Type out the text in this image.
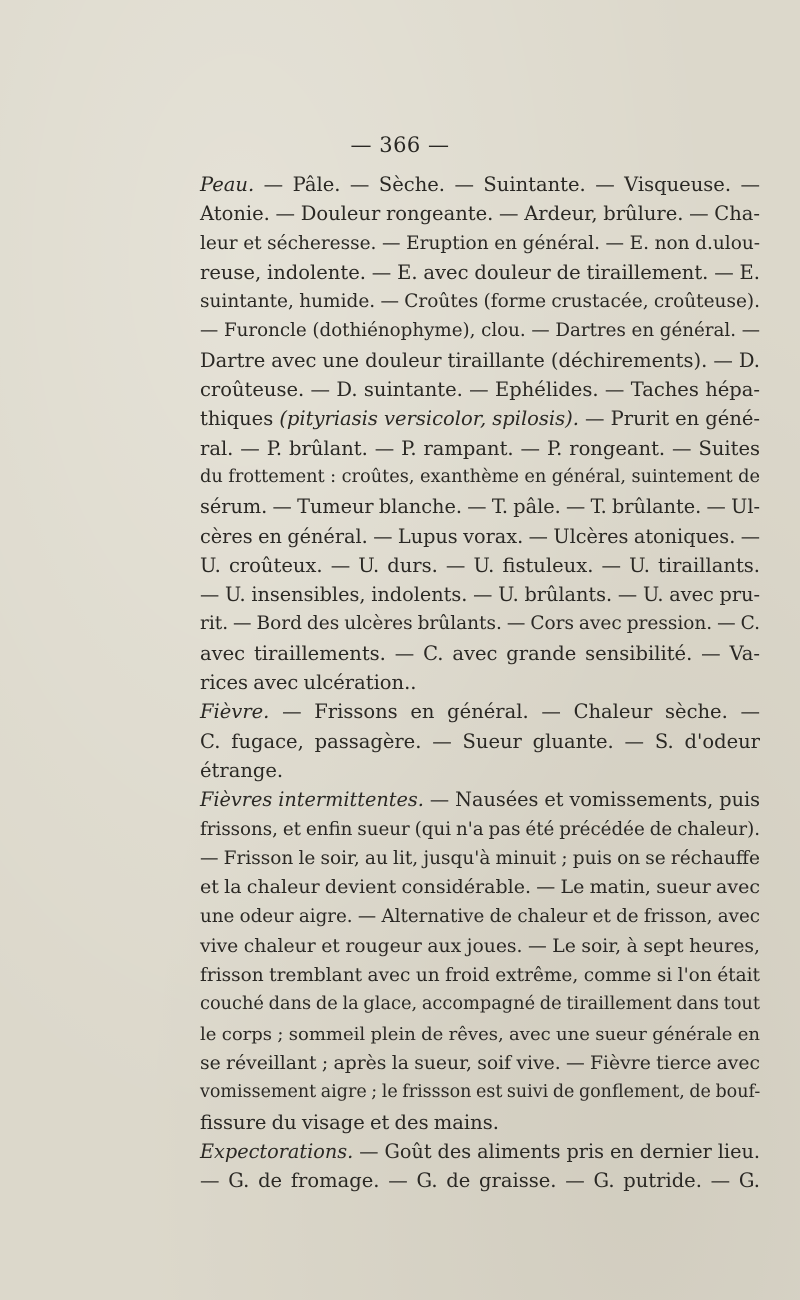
— 366 —
Peau. — Pâle. — Sèche. — Suintante. — Visqueuse. —
Atonie. — Douleur rongeante. — Ardeur, brûlure. — Cha-
leur et sécheresse. — Eruption en général. — E. non d.ulou-
reuse, indolente. — E. avec douleur de tiraillement. — E.
suintante, humide. — Croûtes (forme crustacée, croûteuse).
— Furoncle (dothiénophyme), clou. — Dartres en général. —
Dartre avec une douleur tiraillante (déchirements). — D.
croûteuse. — D. suintante. — Ephélides. — Taches hépa-
thiques (pityriasis versicolor, spilosis). — Prurit en géné-
ral. — P. brûlant. — P. rampant. — P. rongeant. — Suites
du frottement : croûtes, exanthème en général, suintement de
sérum. — Tumeur blanche. — T. pâle. — T. brûlante. — Ul-
cères en général. — Lupus vorax. — Ulcères atoniques. —
U. croûteux. — U. durs. — U. fistuleux. — U. tiraillants.
— U. insensibles, indolents. — U. brûlants. — U. avec pru-
rit. — Bord des ulcères brûlants. — Cors avec pression. — C.
avec tiraillements. — C. avec grande sensibilité. — Va-
rices avec ulcération..
Fièvre. — Frissons en général. — Chaleur sèche. —
C. fugace, passagère. — Sueur gluante. — S. d'odeur
étrange.
Fièvres intermittentes. — Nausées et vomissements, puis
frissons, et enfin sueur (qui n'a pas été précédée de chaleur).
— Frisson le soir, au lit, jusqu'à minuit ; puis on se réchauffe
et la chaleur devient considérable. — Le matin, sueur avec
une odeur aigre. — Alternative de chaleur et de frisson, avec
vive chaleur et rougeur aux joues. — Le soir, à sept heures,
frisson tremblant avec un froid extrême, comme si l'on était
couché dans de la glace, accompagné de tiraillement dans tout
le corps ; sommeil plein de rêves, avec une sueur générale en
se réveillant ; après la sueur, soif vive. — Fièvre tierce avec
vomissement aigre ; le frissson est suivi de gonflement, de bouf-
fissure du visage et des mains.
Expectorations. — Goût des aliments pris en dernier lieu.
— G. de fromage. — G. de graisse. — G. putride. — G.
